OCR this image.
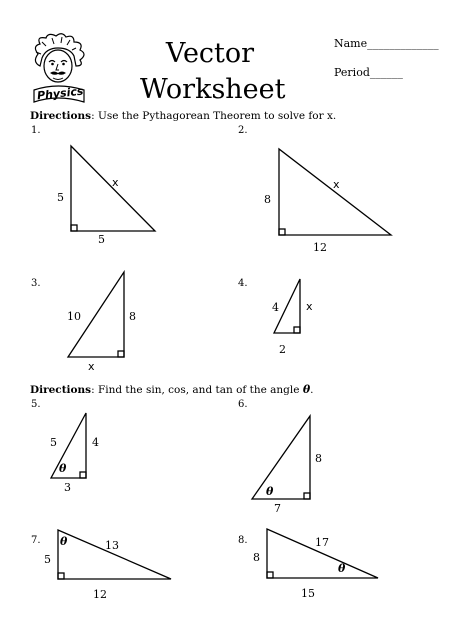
Physics
Vector
Worksheet
Name_____________
Period______
Directions: Use the Pythagorean Theorem to solve for x.
Directions: Find the sin, cos, and tan of the angle θ.
1.	2.
3.	4.
5.	6.
7.	8.
5
5
x
8
12
x
10	8
x
4 x
2
5	4
3
θ
8
7
θ
5
12
13
θ
8
15
17
θ
